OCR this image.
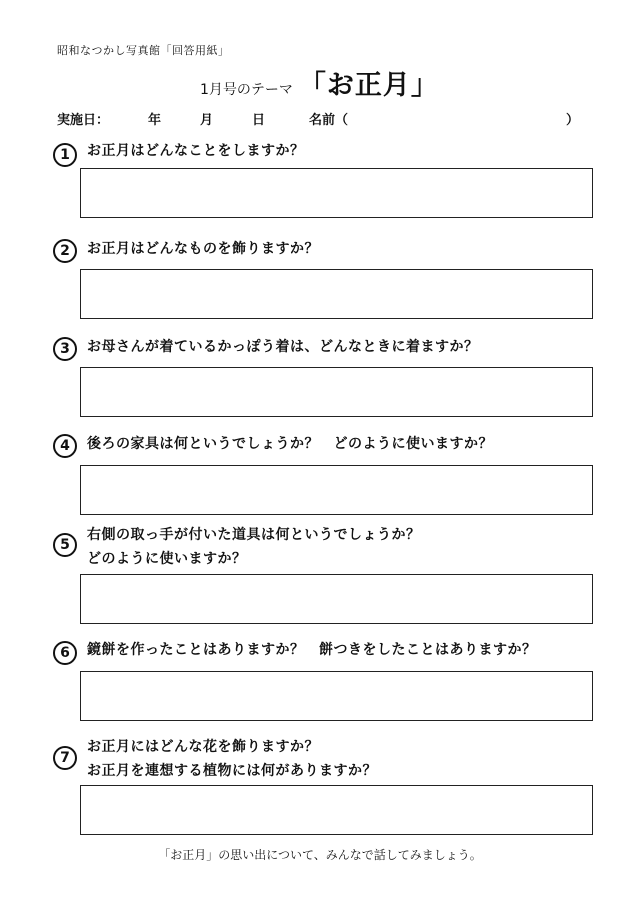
昭和なつかし写真館「回答用紙」
1月号のテーマ 「お正月」
実施日：	年	月	日	名前（	）
1	お正月はどんなことをしますか？
2	お正月はどんなものを飾りますか？
3	お母さんが着ているかっぽう着は、どんなときに着ますか？
4	後ろの家具は何というでしょうか？　どのように使いますか？
5
右側の取っ手が付いた道具は何というでしょうか？
どのように使いますか？
6	鏡餅を作ったことはありますか？　餅つきをしたことはありますか？
7
お正月にはどんな花を飾りますか？
お正月を連想する植物には何がありますか？
「お正月」の思い出について、みんなで話してみましょう。
